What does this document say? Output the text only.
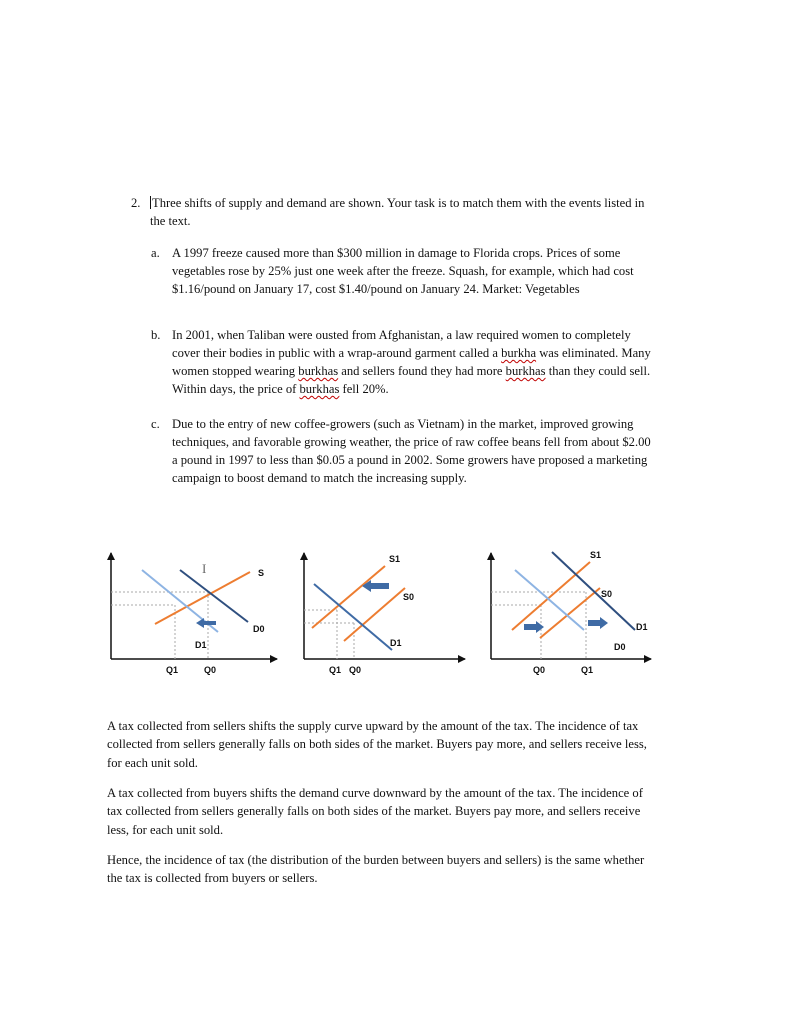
2. Three shifts of supply and demand are shown. Your task is to match them with the events listed in the text.
a. A 1997 freeze caused more than $300 million in damage to Florida crops. Prices of some vegetables rose by 25% just one week after the freeze. Squash, for example, which had cost $1.16/pound on January 17, cost $1.40/pound on January 24. Market: Vegetables
b. In 2001, when Taliban were ousted from Afghanistan, a law required women to completely cover their bodies in public with a wrap-around garment called a burkha was eliminated. Many women stopped wearing burkhas and sellers found they had more burkhas than they could sell. Within days, the price of burkhas fell 20%.
c. Due to the entry of new coffee-growers (such as Vietnam) in the market, improved growing techniques, and favorable growing weather, the price of raw coffee beans fell from about $2.00 a pound in 1997 to less than $0.05 a pound in 2002. Some growers have proposed a marketing campaign to boost demand to match the increasing supply.
I	S
D0
D1
Q1	Q0
S1
S0
D1
Q1 Q0
S1
S0
D1
D0
Q0	Q1
A tax collected from sellers shifts the supply curve upward by the amount of the tax. The incidence of tax collected from sellers generally falls on both sides of the market. Buyers pay more, and sellers receive less, for each unit sold.
A tax collected from buyers shifts the demand curve downward by the amount of the tax. The incidence of tax collected from sellers generally falls on both sides of the market. Buyers pay more, and sellers receive less, for each unit sold.
Hence, the incidence of tax (the distribution of the burden between buyers and sellers) is the same whether the tax is collected from buyers or sellers.
